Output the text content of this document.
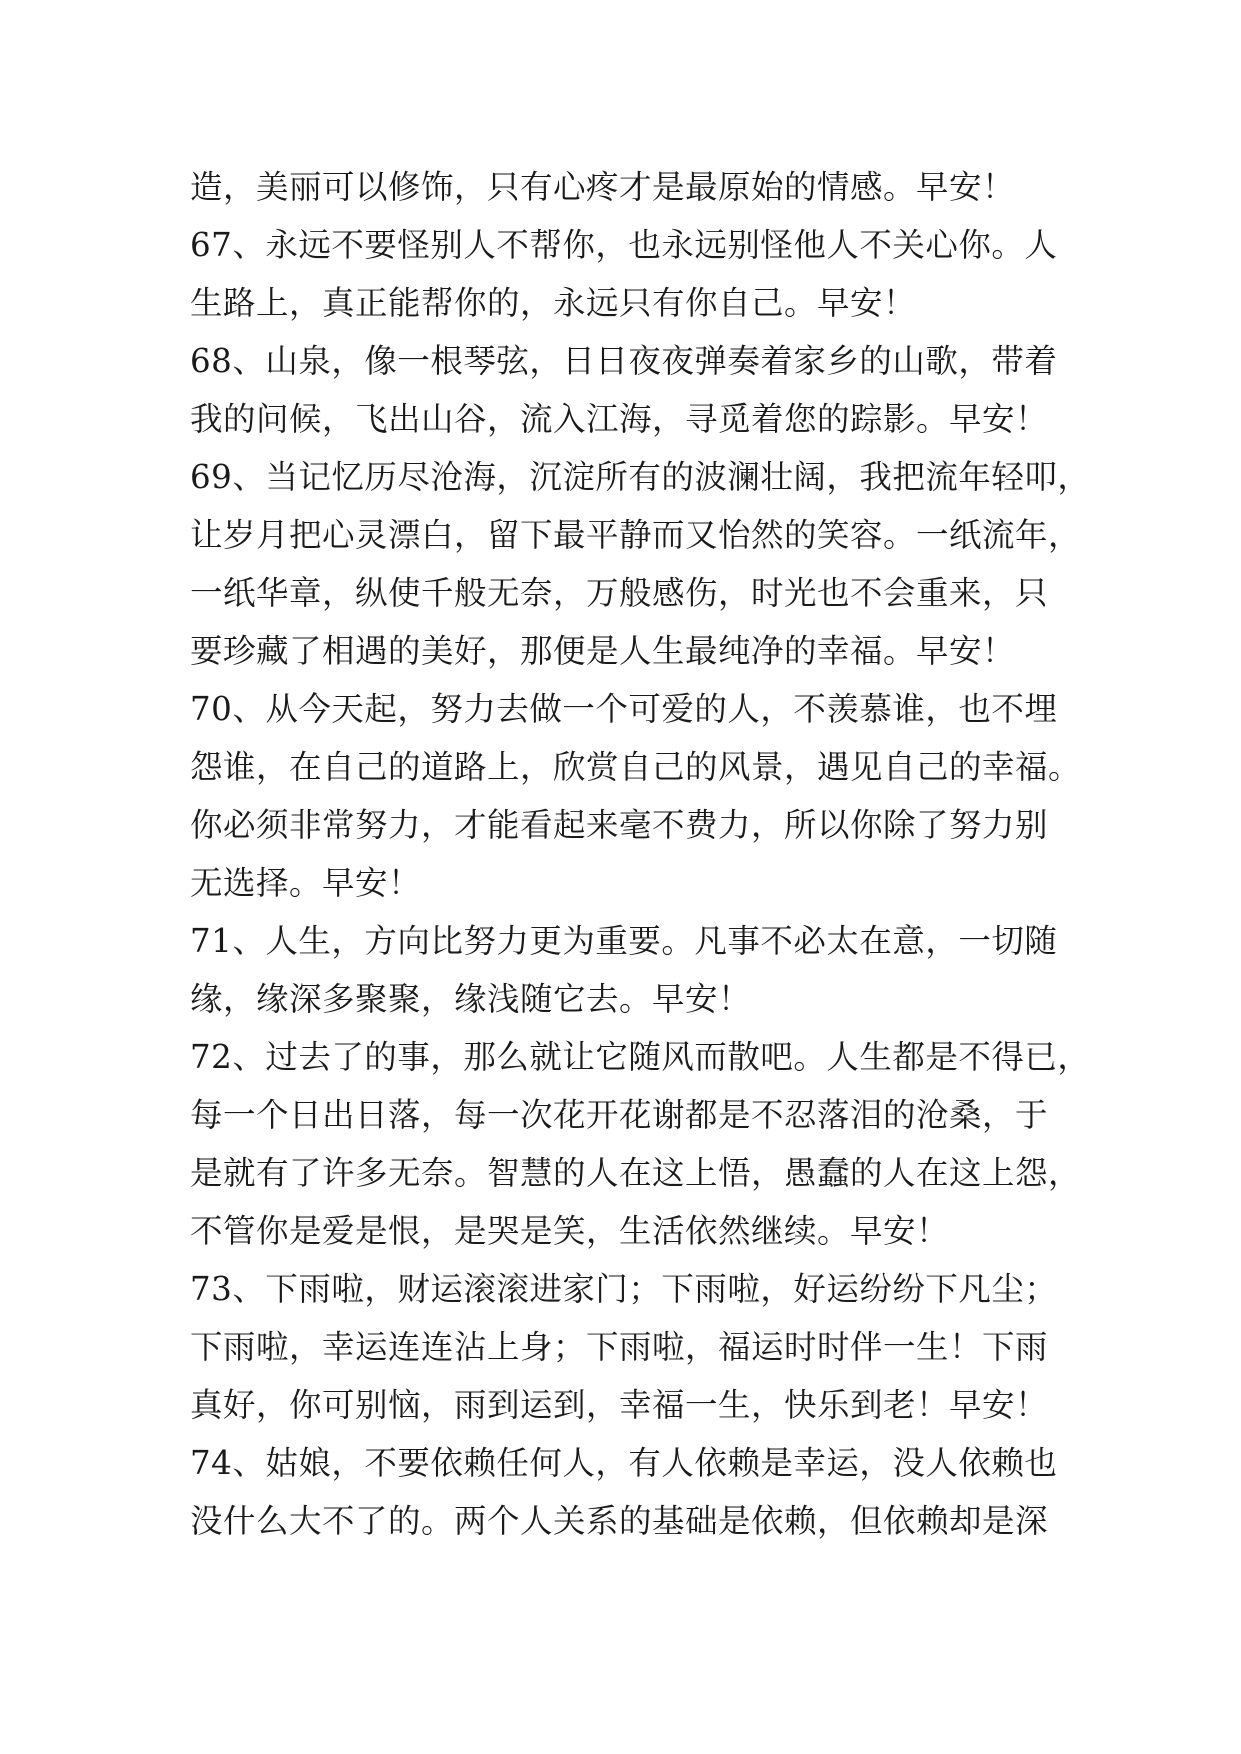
造，美丽可以修饰，只有心疼才是最原始的情感。早安！
67、永远不要怪别人不帮你，也永远别怪他人不关心你。人
生路上，真正能帮你的，永远只有你自己。早安！
68、山泉，像一根琴弦，日日夜夜弹奏着家乡的山歌，带着
我的问候，飞出山谷，流入江海，寻觅着您的踪影。早安！
69、当记忆历尽沧海，沉淀所有的波澜壮阔，我把流年轻叩，
让岁月把心灵漂白，留下最平静而又怡然的笑容。一纸流年，
一纸华章，纵使千般无奈，万般感伤，时光也不会重来，只
要珍藏了相遇的美好，那便是人生最纯净的幸福。早安！
70、从今天起，努力去做一个可爱的人，不羡慕谁，也不埋
怨谁，在自己的道路上，欣赏自己的风景，遇见自己的幸福。
你必须非常努力，才能看起来毫不费力，所以你除了努力别
无选择。早安！
71、人生，方向比努力更为重要。凡事不必太在意，一切随
缘，缘深多聚聚，缘浅随它去。早安！
72、过去了的事，那么就让它随风而散吧。人生都是不得已，
每一个日出日落，每一次花开花谢都是不忍落泪的沧桑，于
是就有了许多无奈。智慧的人在这上悟，愚蠢的人在这上怨，
不管你是爱是恨，是哭是笑，生活依然继续。早安！
73、下雨啦，财运滚滚进家门；下雨啦，好运纷纷下凡尘；
下雨啦，幸运连连沾上身；下雨啦，福运时时伴一生！下雨
真好，你可别恼，雨到运到，幸福一生，快乐到老！早安！
74、姑娘，不要依赖任何人，有人依赖是幸运，没人依赖也
没什么大不了的。两个人关系的基础是依赖，但依赖却是深
